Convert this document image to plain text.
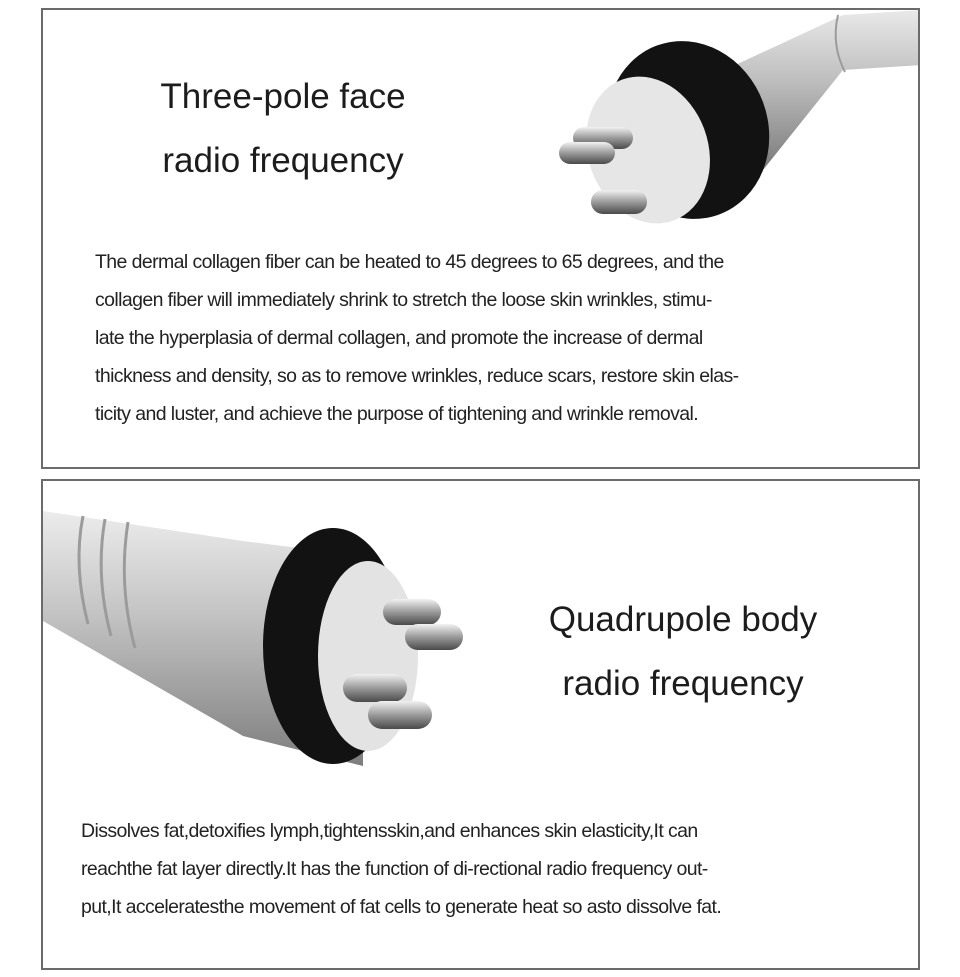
Three-pole face
radio frequency
The dermal collagen fiber can be heated to 45 degrees to 65 degrees, and the
collagen fiber will immediately shrink to stretch the loose skin wrinkles, stimu-
late the hyperplasia of dermal collagen, and promote the increase of dermal
thickness and density, so as to remove wrinkles, reduce scars, restore skin elas-
ticity and luster, and achieve the purpose of tightening and wrinkle removal.
Quadrupole body
radio frequency
Dissolves fat,detoxifies lymph,tightensskin,and enhances skin elasticity,It can
reachthe fat layer directly.It has the function of di-rectional radio frequency out-
put,It acceleratesthe movement of fat cells to generate heat so asto dissolve fat.
